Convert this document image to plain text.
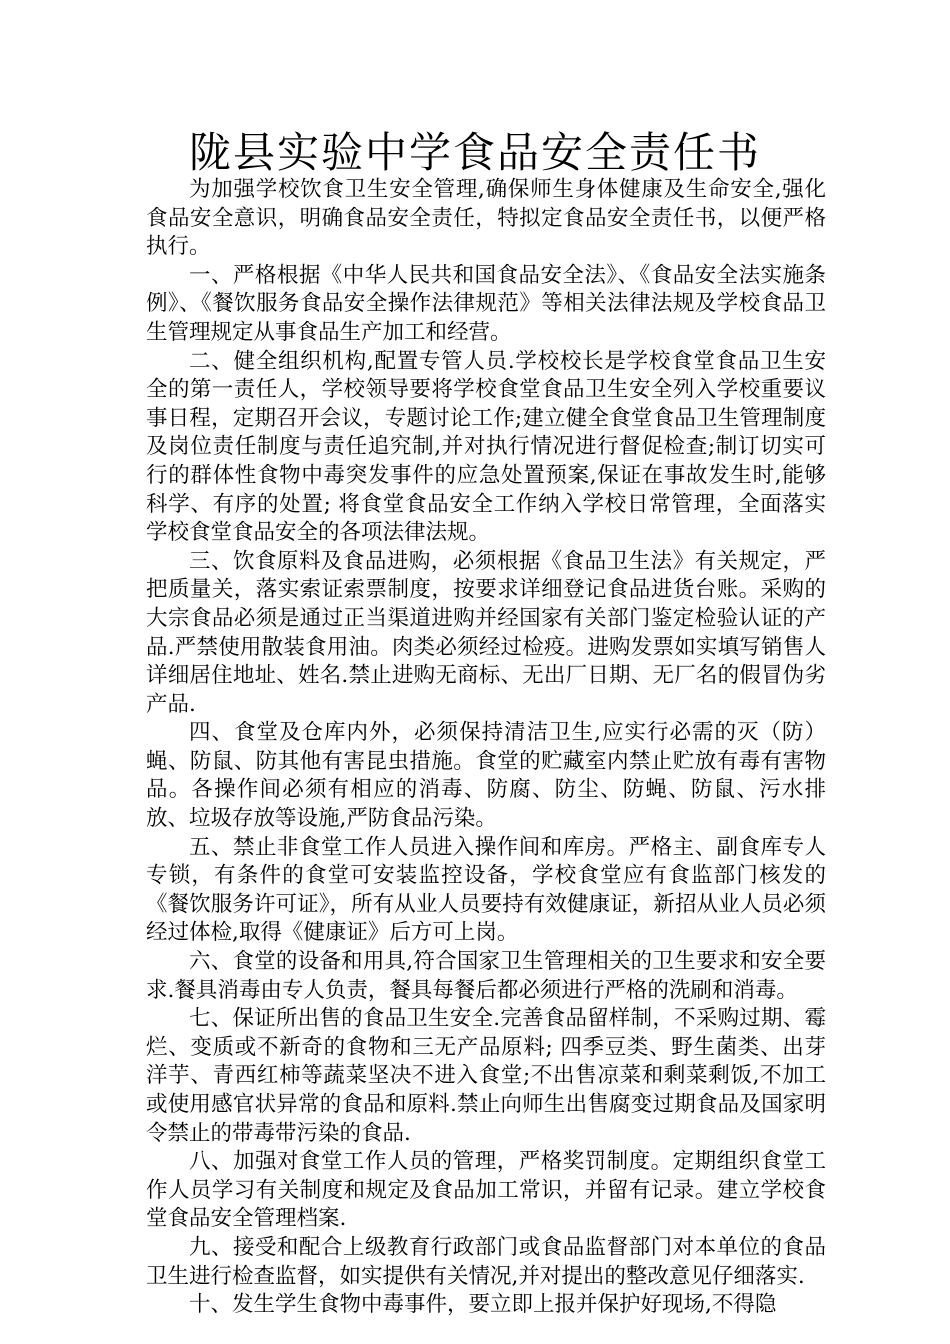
陇县实验中学食品安全责任书

为加强学校饮食卫生安全管理,确保师生身体健康及生命安全,强化食品安全意识，明确食品安全责任，特拟定食品安全责任书，以便严格执行。

一、严格根据《中华人民共和国食品安全法》、《食品安全法实施条例》、《餐饮服务食品安全操作法律规范》等相关法律法规及学校食品卫生管理规定从事食品生产加工和经营。

二、健全组织机构,配置专管人员.学校校长是学校食堂食品卫生安全的第一责任人，学校领导要将学校食堂食品卫生安全列入学校重要议事日程，定期召开会议，专题讨论工作;建立健全食堂食品卫生管理制度及岗位责任制度与责任追究制,并对执行情况进行督促检查;制订切实可行的群体性食物中毒突发事件的应急处置预案,保证在事故发生时,能够科学、有序的处置; 将食堂食品安全工作纳入学校日常管理，全面落实学校食堂食品安全的各项法律法规。

三、饮食原料及食品进购，必须根据《食品卫生法》有关规定，严把质量关，落实索证索票制度，按要求详细登记食品进货台账。采购的大宗食品必须是通过正当渠道进购并经国家有关部门鉴定检验认证的产品.严禁使用散装食用油。肉类必须经过检疫。进购发票如实填写销售人详细居住地址、姓名.禁止进购无商标、无出厂日期、无厂名的假冒伪劣产品.

四、食堂及仓库内外，必须保持清洁卫生,应实行必需的灭（防）蝇、防鼠、防其他有害昆虫措施。食堂的贮藏室内禁止贮放有毒有害物品。各操作间必须有相应的消毒、防腐、防尘、防蝇、防鼠、污水排放、垃圾存放等设施,严防食品污染。

五、禁止非食堂工作人员进入操作间和库房。严格主、副食库专人专锁，有条件的食堂可安装监控设备，学校食堂应有食监部门核发的《餐饮服务许可证》，所有从业人员要持有效健康证，新招从业人员必须经过体检,取得《健康证》后方可上岗。

六、食堂的设备和用具,符合国家卫生管理相关的卫生要求和安全要求.餐具消毒由专人负责，餐具每餐后都必须进行严格的洗刷和消毒。

七、保证所出售的食品卫生安全.完善食品留样制，不采购过期、霉烂、变质或不新奇的食物和三无产品原料; 四季豆类、野生菌类、出芽洋芋、青西红柿等蔬菜坚决不进入食堂;不出售凉菜和剩菜剩饭,不加工或使用感官状异常的食品和原料.禁止向师生出售腐变过期食品及国家明令禁止的带毒带污染的食品.

八、加强对食堂工作人员的管理，严格奖罚制度。定期组织食堂工作人员学习有关制度和规定及食品加工常识，并留有记录。建立学校食堂食品安全管理档案.

九、接受和配合上级教育行政部门或食品监督部门对本单位的食品卫生进行检查监督，如实提供有关情况,并对提出的整改意见仔细落实.

十、发生学生食物中毒事件，要立即上报并保护好现场,不得隐
